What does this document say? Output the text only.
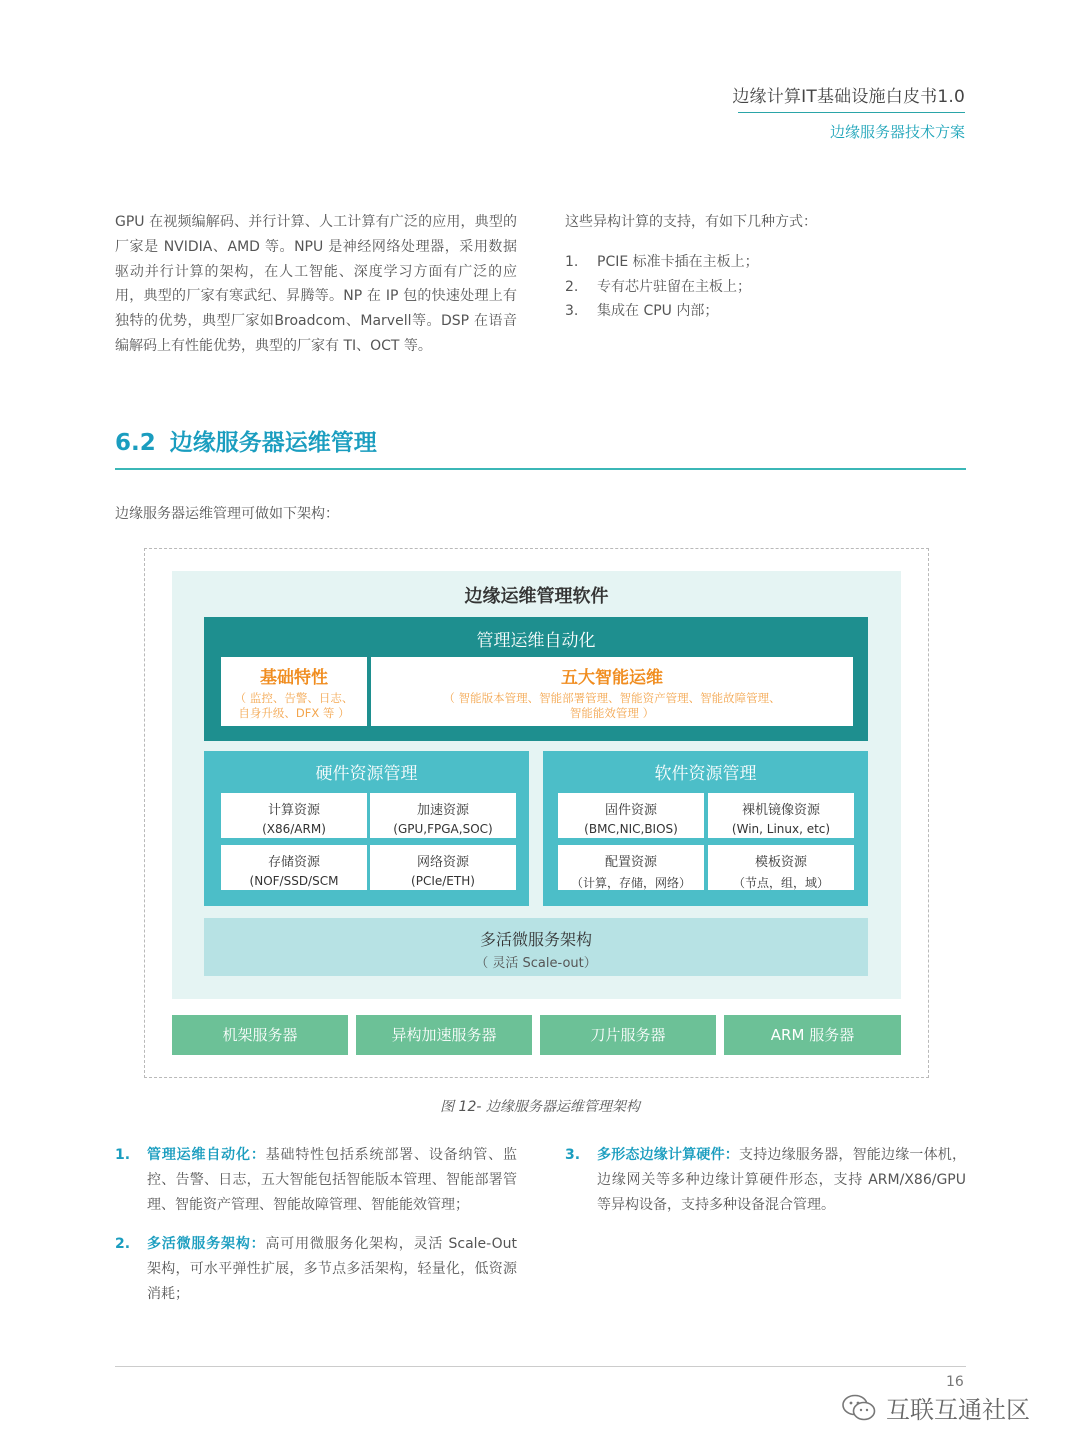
边缘计算IT基础设施白皮书1.0
边缘服务器技术方案
GPU 在视频编解码、并行计算、人工计算有广泛的应用，典型的厂家是 NVIDIA、AMD 等。NPU 是神经网络处理器，采用数据驱动并行计算的架构，在人工智能、深度学习方面有广泛的应用，典型的厂家有寒武纪、昇腾等。NP 在 IP 包的快速处理上有独特的优势，典型厂家如Broadcom、Marvell等。DSP 在语音编解码上有性能优势，典型的厂家有 TI、OCT 等。
这些异构计算的支持，有如下几种方式：
1.	PCIE 标准卡插在主板上；
2.	专有芯片驻留在主板上；
3.	集成在 CPU 内部；
6.2 边缘服务器运维管理
边缘服务器运维管理可做如下架构：
边缘运维管理软件
管理运维自动化
基础特性
（ 监控、告警、日志、
自身升级、DFX 等 ）
五大智能运维
（ 智能版本管理、智能部署管理、智能资产管理、智能故障管理、
智能能效管理 ）
硬件资源管理
计算资源
(X86/ARM)
加速资源
(GPU,FPGA,SOC)
存储资源
(NOF/SSD/SCM
网络资源
(PCIe/ETH)
软件资源管理
固件资源
(BMC,NIC,BIOS)
裸机镜像资源
(Win, Linux, etc)
配置资源
（计算，存储，网络）
模板资源
（节点，组，域）
多活微服务架构
（ 灵活 Scale-out）
机架服务器	异构加速服务器	刀片服务器	ARM 服务器
图 12- 边缘服务器运维管理架构
1. 管理运维自动化：基础特性包括系统部署、设备纳管、监控、告警、日志，五大智能包括智能版本管理、智能部署管理、智能资产管理、智能故障管理、智能能效管理；
2. 多活微服务架构：高可用微服务化架构，灵活 Scale-Out 架构，可水平弹性扩展，多节点多活架构，轻量化，低资源消耗；
3. 多形态边缘计算硬件：支持边缘服务器，智能边缘一体机，边缘网关等多种边缘计算硬件形态，支持 ARM/X86/GPU 等异构设备，支持多种设备混合管理。
16
互联互通社区
